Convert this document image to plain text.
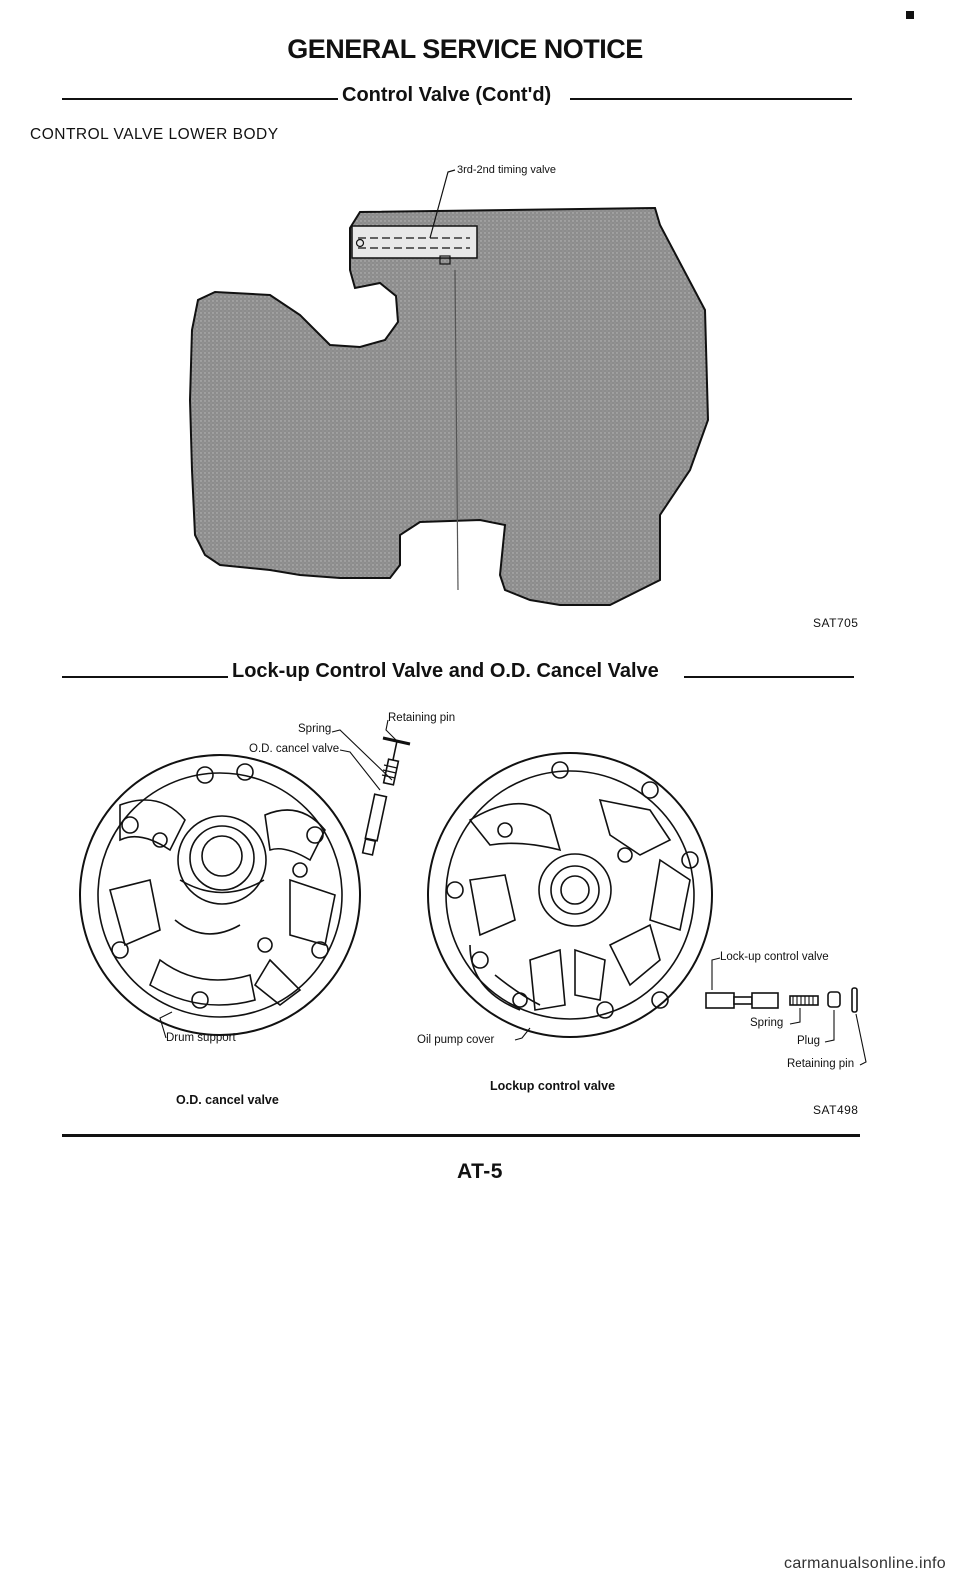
GENERAL SERVICE NOTICE
Control Valve (Cont'd)
CONTROL VALVE LOWER BODY
3rd-2nd timing valve
SAT705
Lock-up Control Valve and O.D. Cancel Valve
Spring
Retaining pin
O.D. cancel valve
Drum support	Oil pump cover
Lock-up control valve
Spring
Plug
Retaining pin
O.D. cancel valve
Lockup control valve
SAT498
AT-5
carmanualsonline.info
